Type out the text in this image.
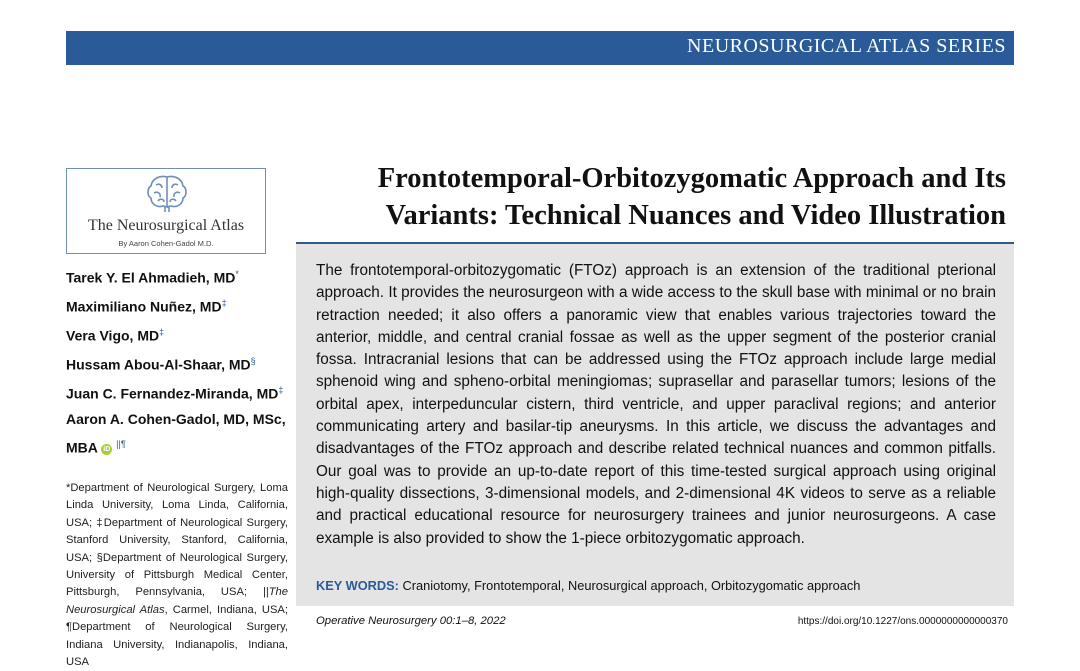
NEUROSURGICAL ATLAS SERIES
The Neurosurgical Atlas
By Aaron Cohen-Gadol M.D.
Tarek Y. El Ahmadieh, MD*
Maximiliano Nuñez, MD‡
Vera Vigo, MD‡
Hussam Abou-Al-Shaar, MD§
Juan C. Fernandez-Miranda, MD‡
Aaron A. Cohen-Gadol, MD, MSc, MBA iD ||¶
*Department of Neurological Surgery, Loma Linda University, Loma Linda, California, USA; ‡Department of Neurological Surgery, Stanford University, Stanford, California, USA; §Department of Neurological Surgery, University of Pittsburgh Medical Center, Pittsburgh, Pennsylvania, USA; ||The Neurosurgical Atlas, Carmel, Indiana, USA; ¶Department of Neurological Surgery, Indiana University, Indianapolis, Indiana, USA
Frontotemporal-Orbitozygomatic Approach and Its Variants: Technical Nuances and Video Illustration
The frontotemporal-orbitozygomatic (FTOz) approach is an extension of the traditional pterional approach. It provides the neurosurgeon with a wide access to the skull base with minimal or no brain retraction needed; it also offers a panoramic view that enables various trajectories toward the anterior, middle, and central cranial fossae as well as the upper segment of the posterior cranial fossa. Intracranial lesions that can be addressed using the FTOz approach include large medial sphenoid wing and spheno-orbital meningiomas; suprasellar and parasellar tumors; lesions of the orbital apex, interpeduncular cistern, third ventricle, and upper paraclival regions; and anterior communicating artery and basilar-tip aneurysms. In this article, we discuss the advantages and disadvantages of the FTOz approach and describe related technical nuances and common pitfalls. Our goal was to provide an up-to-date report of this time-tested surgical approach using original high-quality dissections, 3-dimensional models, and 2-dimensional 4K videos to serve as a reliable and practical educational resource for neurosurgery trainees and junior neurosurgeons. A case example is also provided to show the 1-piece orbitozygomatic approach.
KEY WORDS: Craniotomy, Frontotemporal, Neurosurgical approach, Orbitozygomatic approach
Operative Neurosurgery 00:1–8, 2022	https://doi.org/10.1227/ons.0000000000000370
